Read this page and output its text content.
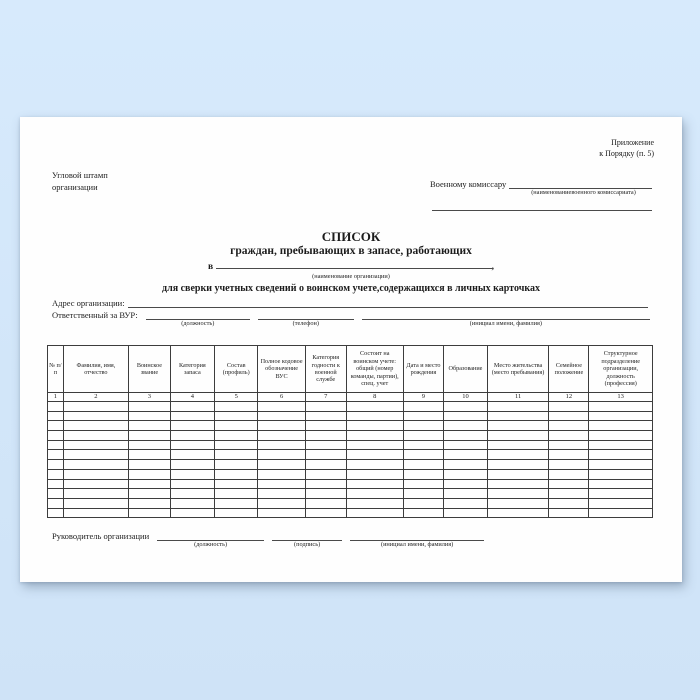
Приложение
к Порядку (п. 5)
Угловой штамп
организации	Военному комиссару
(наименованиевоенного комиссариата)
СПИСОК
граждан, пребывающих в запасе, работающих
в	,
(наименование организации)
для сверки учетных сведений о воинском учете,содержащихся в личных карточках
Адрес организации:
Ответственный за ВУР:
(должность)	(телефон)	(инициал имени, фамилия)
№ п/п	Фамилия, имя, отчество	Воинское звание	Категория запаса	Состав (профиль)	Полное кодовое обозначение ВУС	Категория годности к военной службе	Состоит на воинском учете: общий (номер команды, партии), спец. учет	Дата и место рождения	Образование	Место жительства (место пребывания)	Семейное положение	Структурное подразделение организации, должность (профессия)
1	2	3	4	5	6	7	8	9	10	11	12	13

Руководитель организации
(должность)	(подпись)	(инициал имени, фамилия)
